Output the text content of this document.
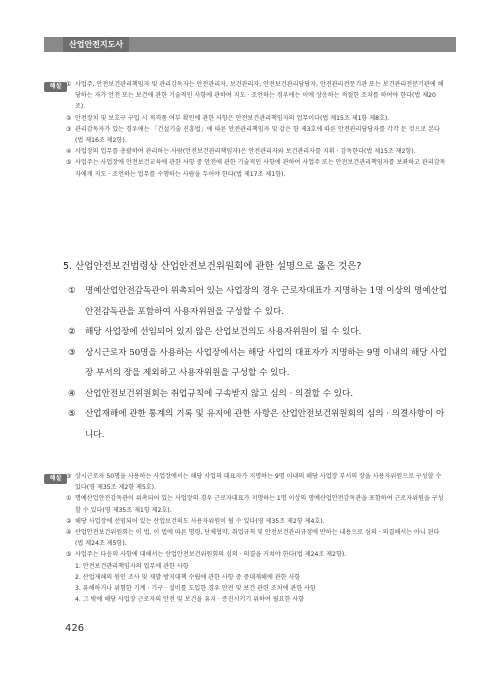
산업안전지도사
해설 ① 사업주, 안전보건관리책임자 및 관리감독자는 안전관리자, 보건관리자, 안전보건관리담당자, 안전관리전문기관 또는 보건관리전문기관에 해당하는 자가 안전 또는 보건에 관한 기술적인 사항에 관하여 지도 · 조언하는 경우에는 이에 상응하는 적절한 조치를 하여야 한다(법 제20조).
② 안전장치 및 보호구 구입 시 적격품 여부 확인에 관한 사항은 안전보건관리책임자의 업무이다(법 제15조 제1항 제8호).
③ 관리감독자가 있는 경우에는 「건설기술 진흥법」에 따른 안전관리책임자 및 같은 항 제3호에 따른 안전관리담당자를 각각 둔 것으로 본다(법 제16조 제2항).
④ 사업장의 업무를 총괄하여 관리하는 사람(안전보건관리책임자)은 안전관리자와 보건관리자를 지휘 · 감독한다(법 제15조 제2항).
⑤ 사업주는 사업장에 안전보건교육에 관한 사항 중 안전에 관한 기술적인 사항에 관하여 사업주 또는 안전보건관리책임자를 보좌하고 관리감독자에게 지도 · 조언하는 업무를 수행하는 사람을 두어야 한다(법 제17조 제1항).
5. 산업안전보건법령상 산업안전보건위원회에 관한 설명으로 옳은 것은?
①	명예산업안전감독관이 위촉되어 있는 사업장의 경우 근로자대표가 지명하는 1명 이상의 명예산업안전감독관을 포함하여 사용자위원을 구성할 수 있다.
②	해당 사업장에 선임되어 있지 않은 산업보건의도 사용자위원이 될 수 있다.
③	상시근로자 50명을 사용하는 사업장에서는 해당 사업의 대표자가 지명하는 9명 이내의 해당 사업장 부서의 장을 제외하고 사용자위원을 구성할 수 있다.
④	산업안전보건위원회는 취업규칙에 구속받지 않고 심의 · 의결할 수 있다.
⑤	산업재해에 관한 통계의 기록 및 유지에 관한 사항은 산업안전보건위원회의 심의 · 의결사항이 아니다.
해설 ③ 상시근로자 50명을 사용하는 사업장에서는 해당 사업의 대표자가 지명하는 9명 이내의 해당 사업장 부서의 장을 사용자위원으로 구성할 수 있다(영 제35조 제2항 제5호).
① 명예산업안전감독관이 위촉되어 있는 사업장의 경우 근로자대표가 지명하는 1명 이상의 명예산업안전감독관을 포함하여 근로자위원을 구성할 수 있다(영 제35조 제1항 제2호).
② 해당 사업장에 선임되어 있는 산업보건의도 사용자위원이 될 수 있다(영 제35조 제2항 제4호).
④ 산업안전보건위원회는 이 법, 이 법에 따른 명령, 단체협약, 취업규칙 및 안전보건관리규정에 반하는 내용으로 심의 · 의결해서는 아니 된다(법 제24조 제5항).
⑤ 사업주는 다음의 사항에 대해서는 산업안전보건위원회의 심의 · 의결을 거쳐야 한다(법 제24조 제2항).
1. 안전보건관리책임자의 업무에 관한 사항
2. 산업재해의 원인 조사 및 재발 방지대책 수립에 관한 사항 중 중대재해에 관한 사항
3. 유해하거나 위험한 기계 · 기구 · 설비를 도입한 경우 안전 및 보건 관련 조치에 관한 사항
4. 그 밖에 해당 사업장 근로자의 안전 및 보건을 유지 · 증진시키기 위하여 필요한 사항
426
